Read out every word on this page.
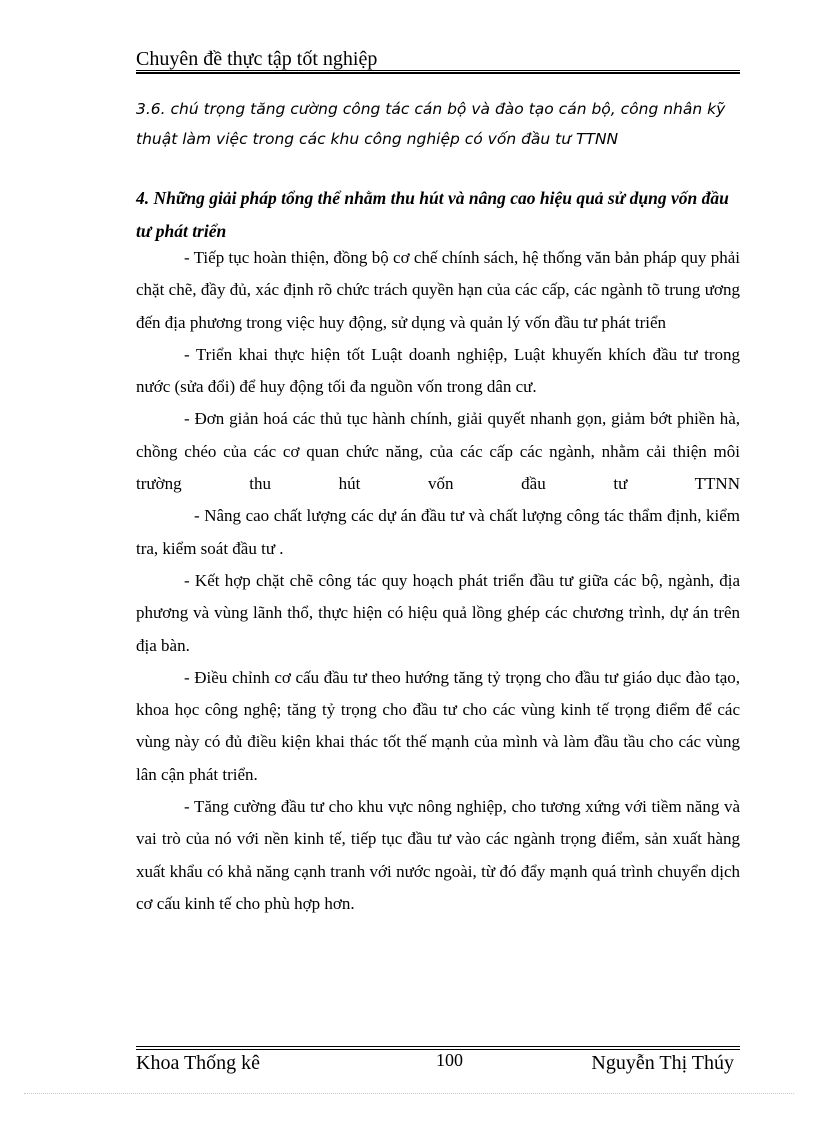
Chuyên đề thực tập tốt nghiệp
3.6. chú trọng tăng cường công tác cán bộ và đào tạo cán bộ, công nhân kỹ thuật làm việc trong các khu công nghiệp có vốn đầu tư TTNN
4. Những giải pháp tổng thể nhằm thu hút và nâng cao hiệu quả sử dụng vốn đầu tư phát triển

- Tiếp tục hoàn thiện, đồng bộ cơ chế chính sách, hệ thống văn bản pháp quy phải chặt chẽ, đầy đủ, xác định rõ chức trách quyền hạn của các cấp, các ngành tõ trung ương đến địa phương trong việc huy động, sử dụng và quản lý vốn đầu tư phát triển

- Triển khai thực hiện tốt Luật doanh nghiệp, Luật khuyến khích đầu tư trong nước (sửa đổi) để huy động tối đa nguồn vốn trong dân cư.

- Đơn giản hoá các thủ tục hành chính, giải quyết nhanh gọn, giảm bớt phiền hà, chồng chéo của các cơ quan chức năng, của các cấp các ngành, nhằm cải thiện môi trường thu hút vốn đầu tư TTNN

- Nâng cao chất lượng các dự án đầu tư và chất lượng công tác thẩm định, kiểm tra, kiểm soát đầu tư .

- Kết hợp chặt chẽ công tác quy hoạch phát triển đầu tư giữa các bộ, ngành, địa phương và vùng lãnh thổ, thực hiện có hiệu quả lồng ghép các chương trình, dự án trên địa bàn.

- Điều chỉnh cơ cấu đầu tư theo hướng tăng tỷ trọng cho đầu tư giáo dục đào tạo, khoa học công nghệ; tăng tỷ trọng cho đầu tư cho các vùng kinh tế trọng điểm để các vùng này có đủ điều kiện khai thác tốt thế mạnh của mình và làm đầu tầu cho các vùng lân cận phát triển.

- Tăng cường đầu tư cho khu vực nông nghiệp, cho tương xứng với tiềm năng và vai trò của nó với nền kinh tế, tiếp tục đầu tư vào các ngành trọng điểm, sản xuất hàng xuất khẩu có khả năng cạnh tranh với nước ngoài, từ đó đẩy mạnh quá trình chuyển dịch cơ cấu kinh tế cho phù hợp hơn.

Khoa Thống kê	100	Nguyễn Thị Thúy
